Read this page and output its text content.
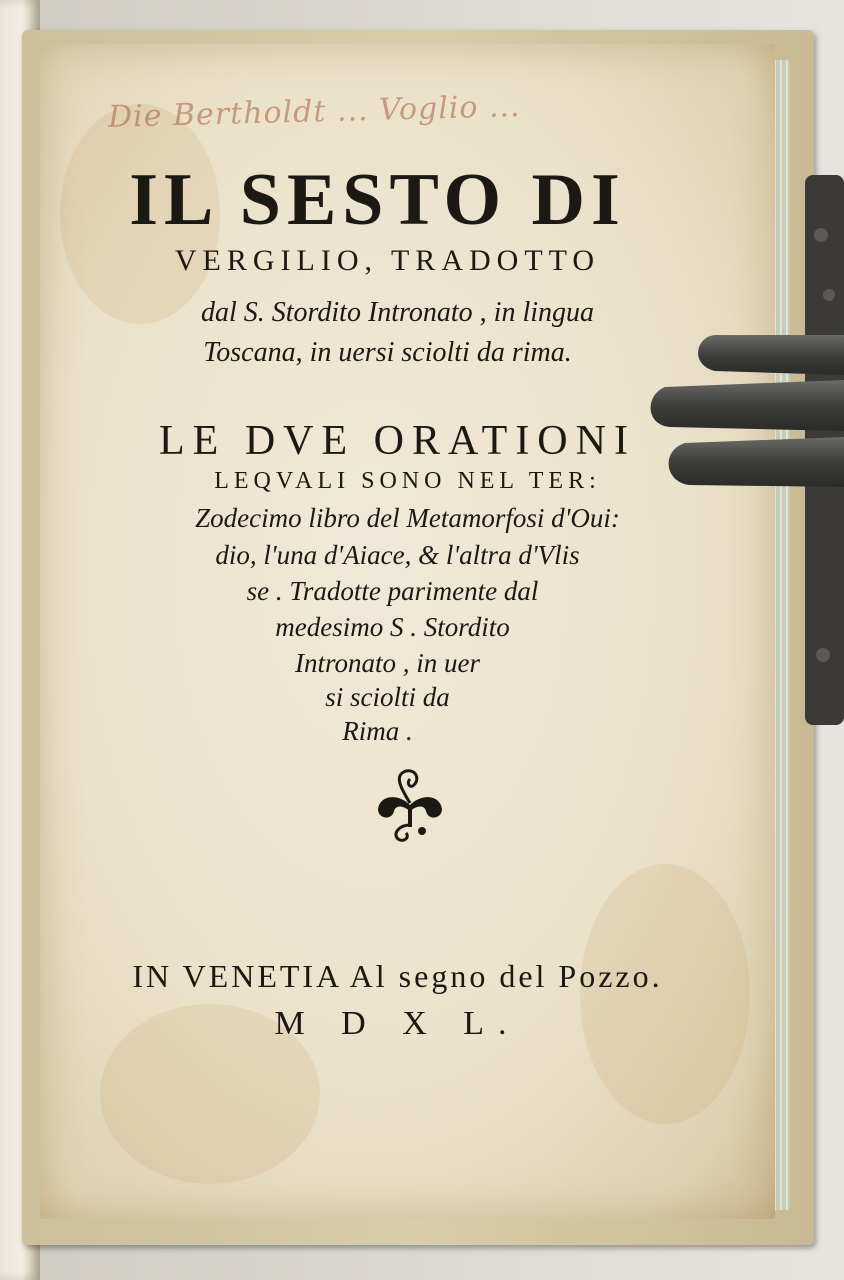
Die Bertholdt ... Voglio ...
IL SESTO DI
VERGILIO, TRADOTTO
dal S. Stordito Intronato , in lingua
Toscana, in uersi sciolti da rima.
LE DVE ORATIONI
LEQVALI SONO NEL TER:
Zodecimo libro del Metamorfosi d'Oui:
dio, l'una d'Aiace, & l'altra d'Vlis
se . Tradotte parimente dal
medesimo S . Stordito
Intronato , in uer
si sciolti da
Rima .
IN VENETIA Al segno del Pozzo.
M D X L.
